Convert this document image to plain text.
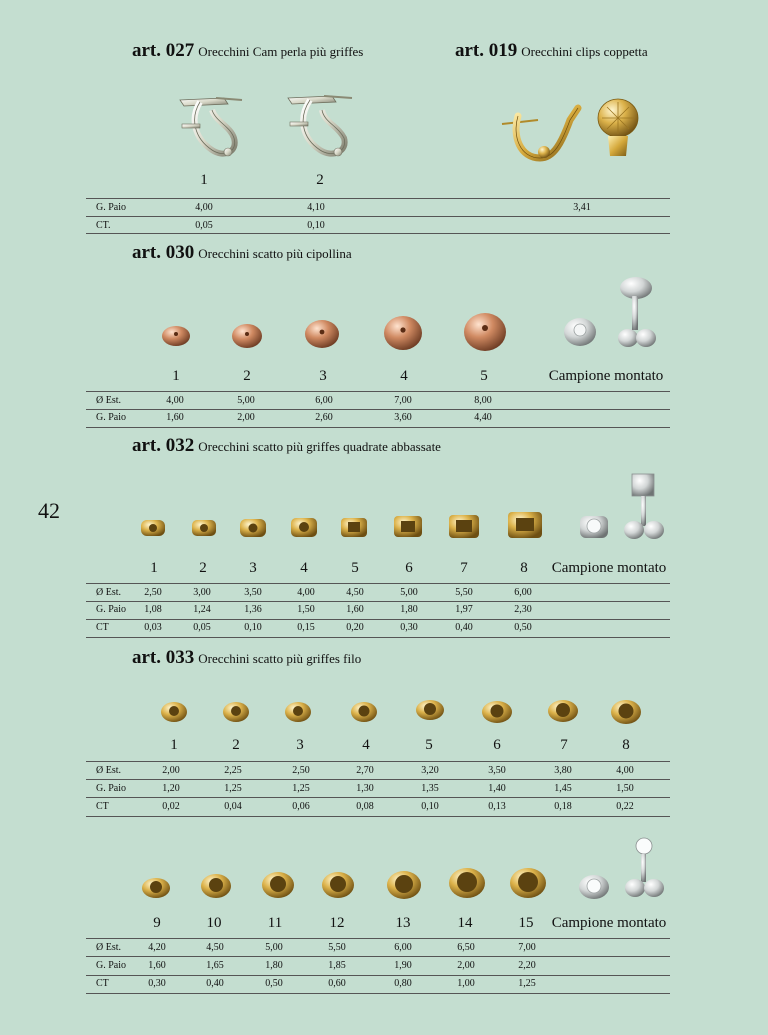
42
art. 027 Orecchini Cam perla più griffes	art. 019 Orecchini clips coppetta
1	2
G. Paio	4,00	4,10	3,41
CT.	0,05	0,10
art. 030 Orecchini scatto più cipollina
1	2	3	4	5	Campione montato
Ø Est.	4,00	5,00	6,00	7,00	8,00
G. Paio	1,60	2,00	2,60	3,60	4,40
art. 032 Orecchini scatto più griffes quadrate abbassate
1	2	3	4	5	6	7	8	Campione montato
Ø Est.	2,50	3,00	3,50	4,00	4,50	5,00	5,50	6,00
G. Paio	1,08	1,24	1,36	1,50	1,60	1,80	1,97	2,30
CT	0,03	0,05	0,10	0,15	0,20	0,30	0,40	0,50
art. 033 Orecchini scatto più griffes filo
1	2	3	4	5	6	7	8
Ø Est.	2,00	2,25	2,50	2,70	3,20	3,50	3,80	4,00
G. Paio	1,20	1,25	1,25	1,30	1,35	1,40	1,45	1,50
CT	0,02	0,04	0,06	0,08	0,10	0,13	0,18	0,22
9	10	11	12	13	14	15	Campione montato
Ø Est.	4,20	4,50	5,00	5,50	6,00	6,50	7,00
G. Paio	1,60	1,65	1,80	1,85	1,90	2,00	2,20
CT	0,30	0,40	0,50	0,60	0,80	1,00	1,25
